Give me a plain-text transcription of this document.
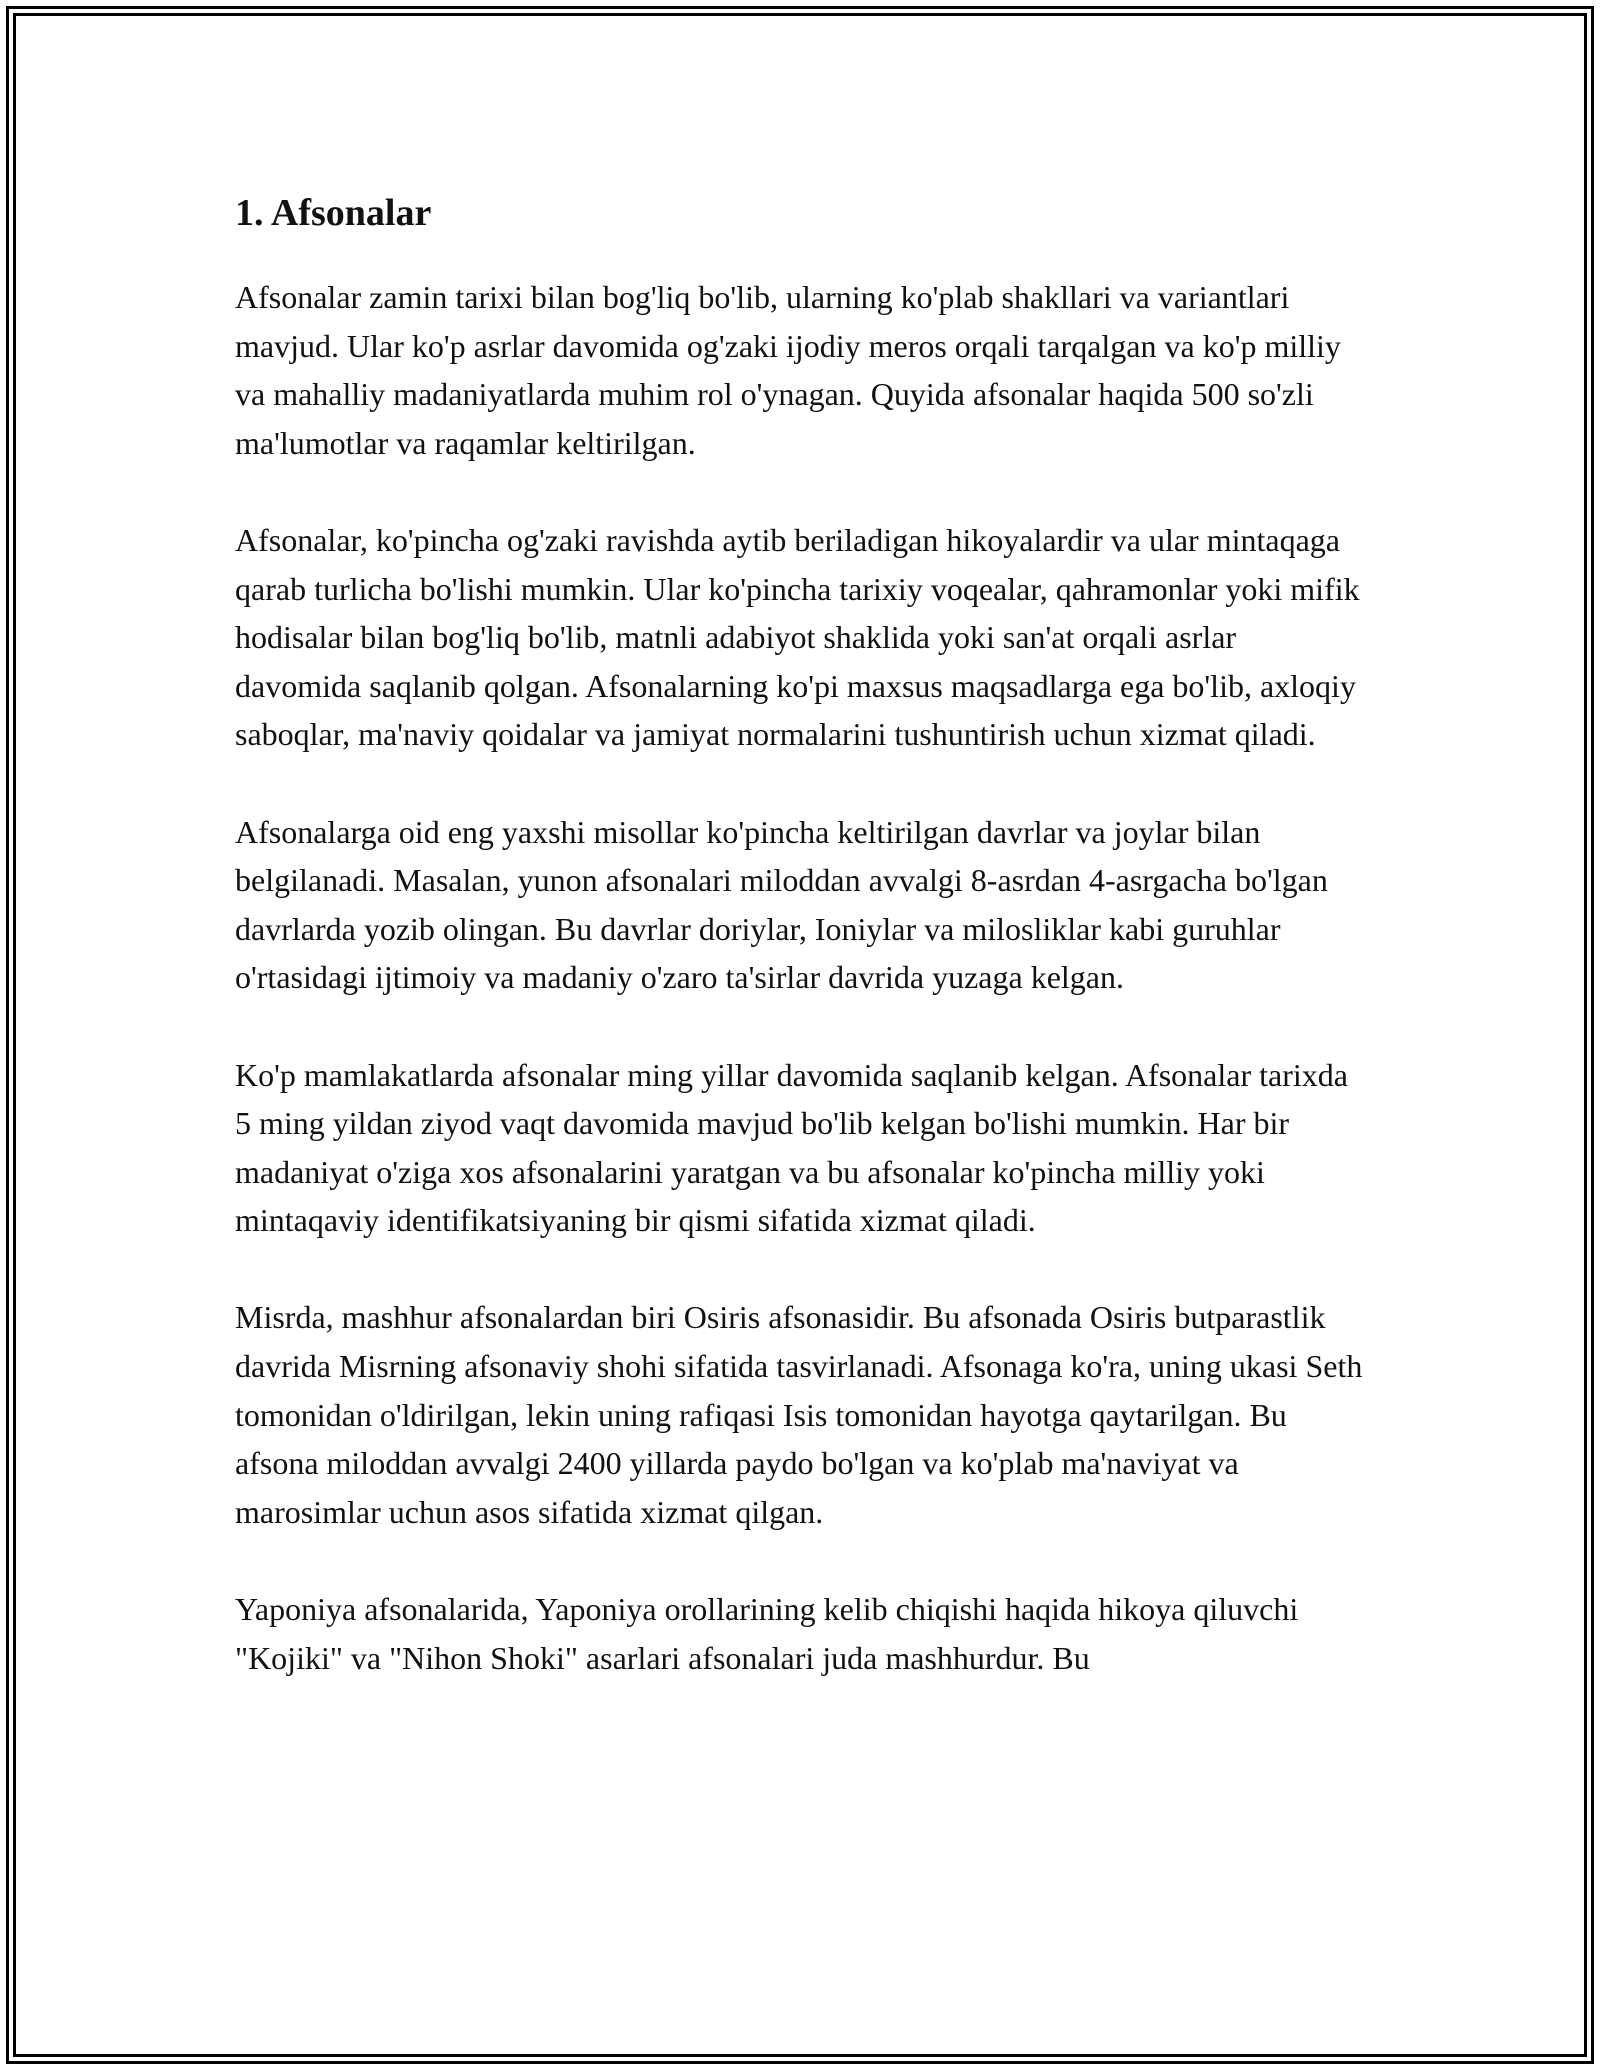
1. Afsonalar

Afsonalar zamin tarixi bilan bog'liq bo'lib, ularning ko'plab shakllari va variantlari mavjud. Ular ko'p asrlar davomida og'zaki ijodiy meros orqali tarqalgan va ko'p milliy va mahalliy madaniyatlarda muhim rol o'ynagan. Quyida afsonalar haqida 500 so'zli ma'lumotlar va raqamlar keltirilgan.

Afsonalar, ko'pincha og'zaki ravishda aytib beriladigan hikoyalardir va ular mintaqaga qarab turlicha bo'lishi mumkin. Ular ko'pincha tarixiy voqealar, qahramonlar yoki mifik hodisalar bilan bog'liq bo'lib, matnli adabiyot shaklida yoki san'at orqali asrlar davomida saqlanib qolgan. Afsonalarning ko'pi maxsus maqsadlarga ega bo'lib, axloqiy saboqlar, ma'naviy qoidalar va jamiyat normalarini tushuntirish uchun xizmat qiladi.

Afsonalarga oid eng yaxshi misollar ko'pincha keltirilgan davrlar va joylar bilan belgilanadi. Masalan, yunon afsonalari miloddan avvalgi 8-asrdan 4-asrgacha bo'lgan davrlarda yozib olingan. Bu davrlar doriylar, Ioniylar va milosliklar kabi guruhlar o'rtasidagi ijtimoiy va madaniy o'zaro ta'sirlar davrida yuzaga kelgan.

Ko'p mamlakatlarda afsonalar ming yillar davomida saqlanib kelgan. Afsonalar tarixda 5 ming yildan ziyod vaqt davomida mavjud bo'lib kelgan bo'lishi mumkin. Har bir madaniyat o'ziga xos afsonalarini yaratgan va bu afsonalar ko'pincha milliy yoki mintaqaviy identifikatsiyaning bir qismi sifatida xizmat qiladi.

Misrda, mashhur afsonalardan biri Osiris afsonasidir. Bu afsonada Osiris butparastlik davrida Misrning afsonaviy shohi sifatida tasvirlanadi. Afsonaga ko'ra, uning ukasi Seth tomonidan o'ldirilgan, lekin uning rafiqasi Isis tomonidan hayotga qaytarilgan. Bu afsona miloddan avvalgi 2400 yillarda paydo bo'lgan va ko'plab ma'naviyat va marosimlar uchun asos sifatida xizmat qilgan.

Yaponiya afsonalarida, Yaponiya orollarining kelib chiqishi haqida hikoya qiluvchi "Kojiki" va "Nihon Shoki" asarlari afsonalari juda mashhurdur. Bu
